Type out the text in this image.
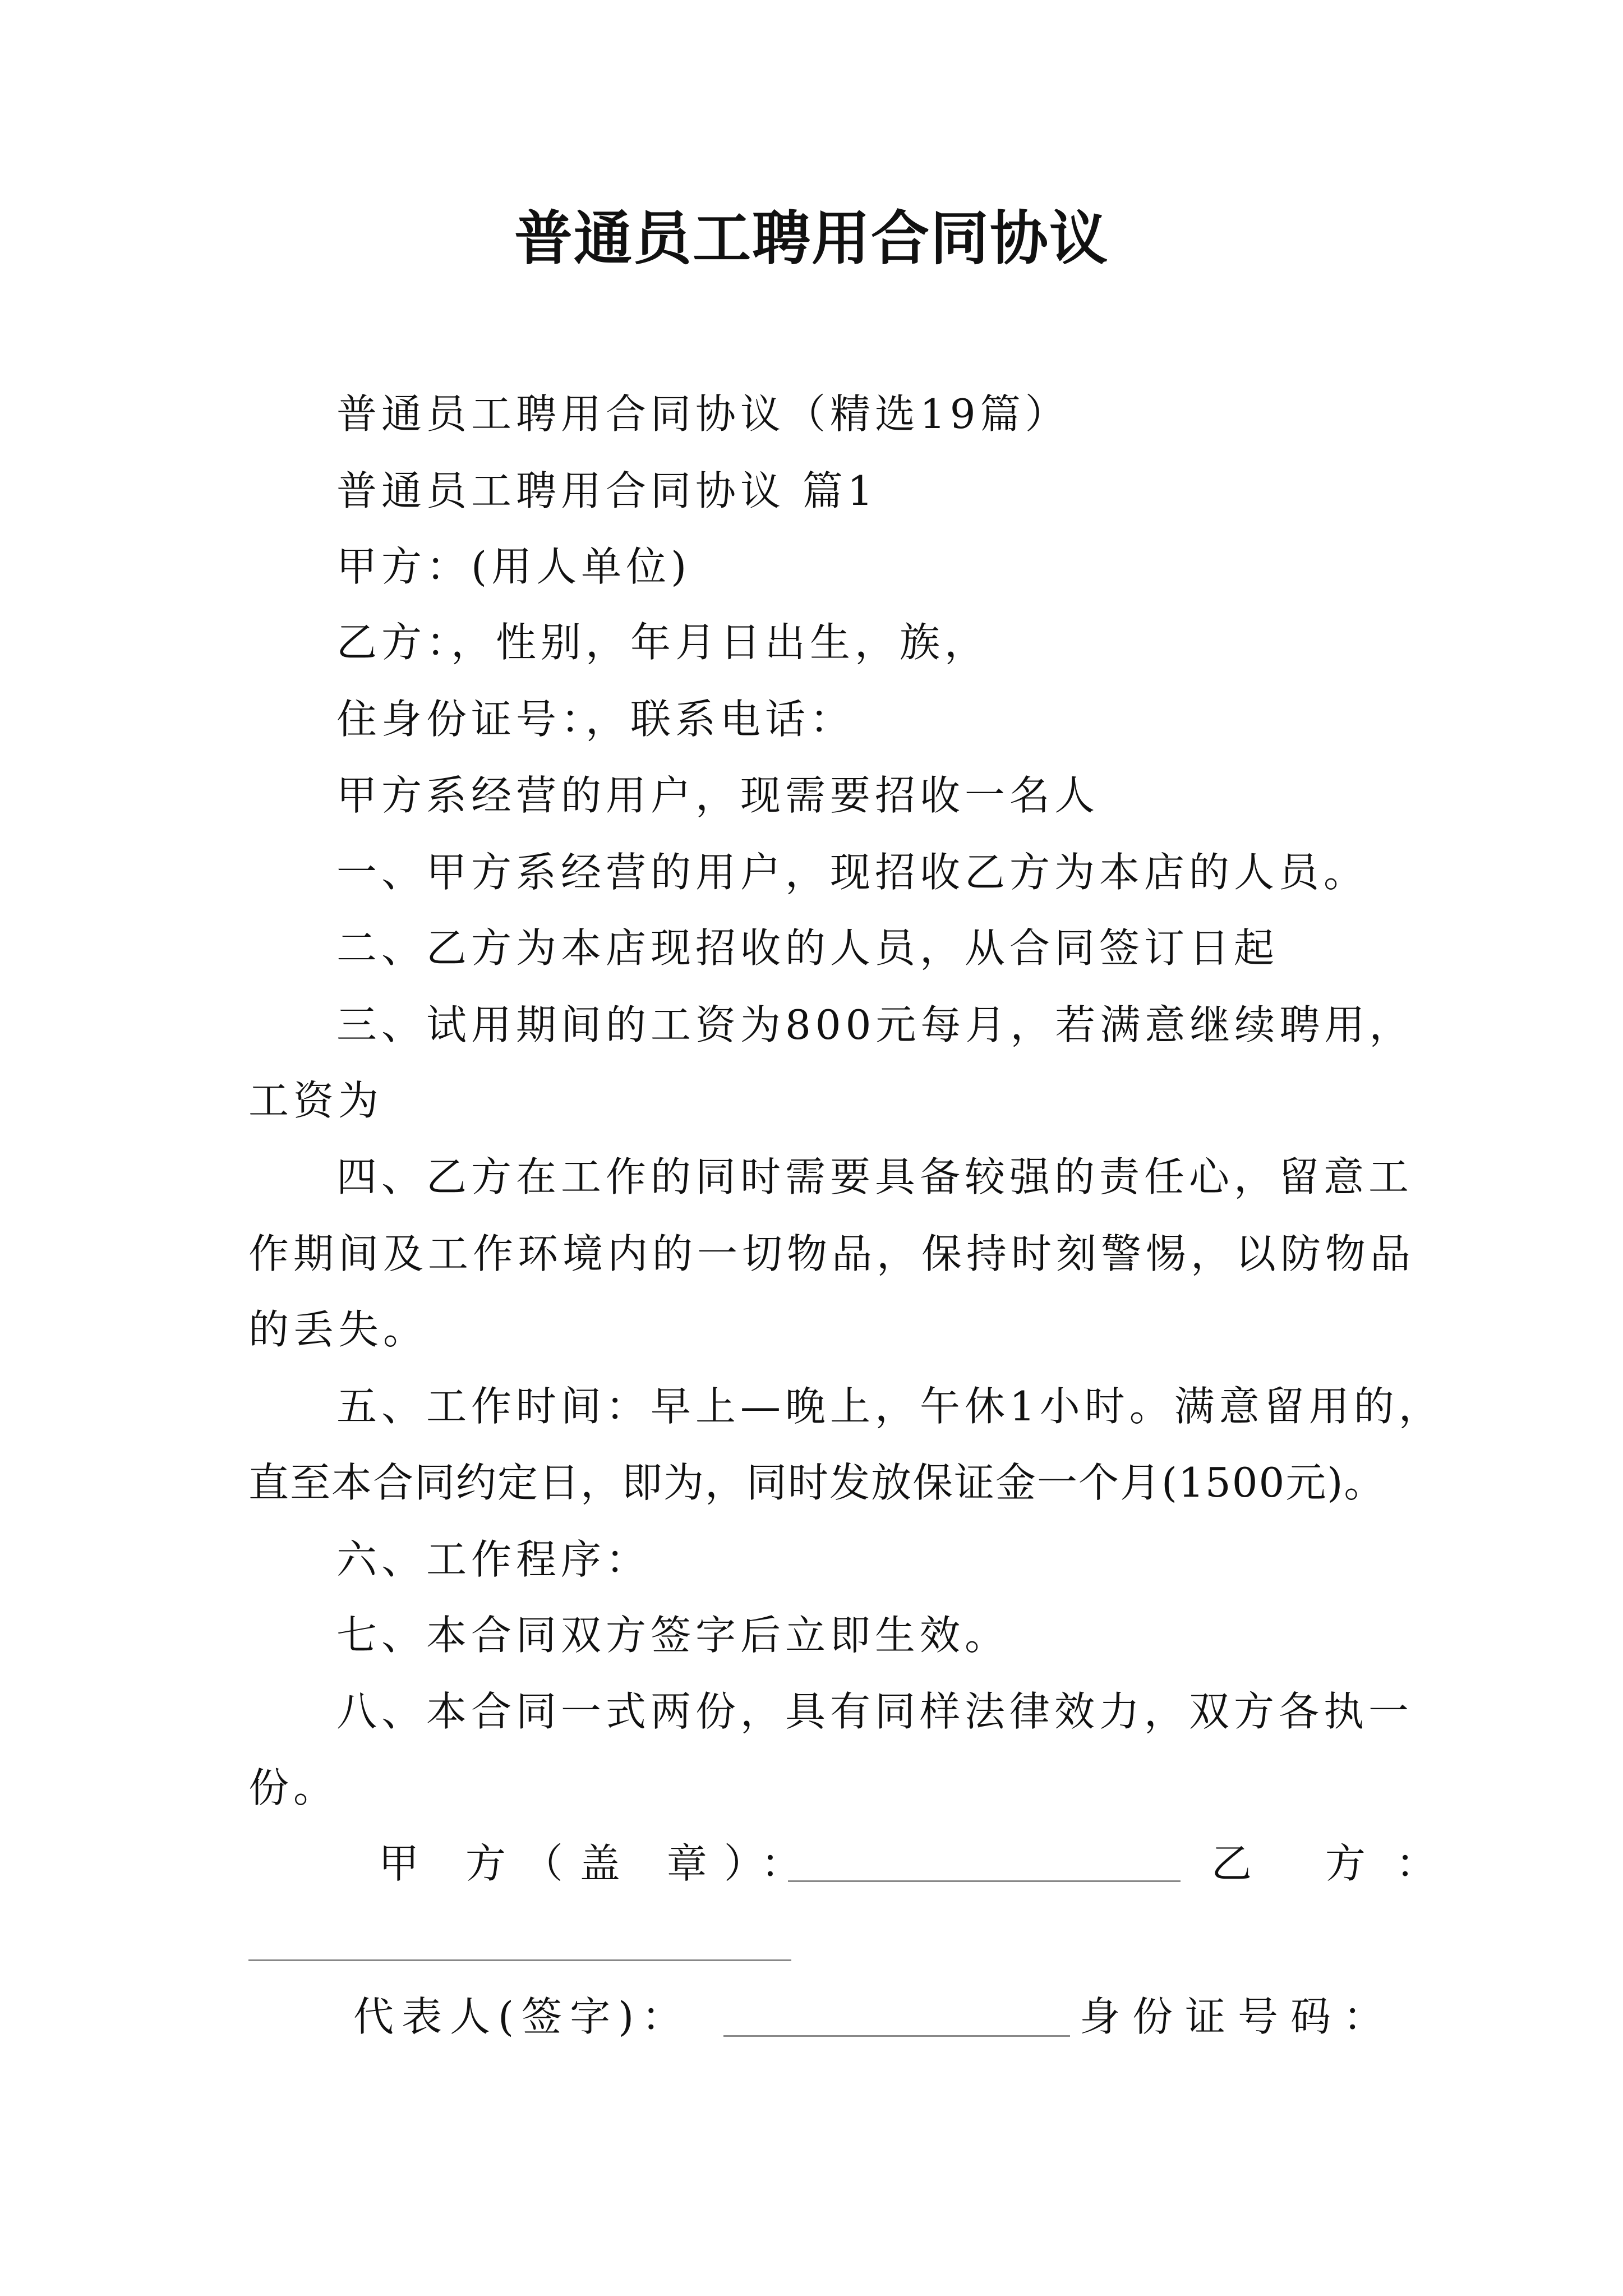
普通员工聘用合同协议
普通员工聘用合同协议（精选19篇）
普通员工聘用合同协议 篇1
甲方：(用人单位)
乙方：，性别，年月日出生，族，
住身份证号：，联系电话：
甲方系经营的用户，现需要招收一名人
一、甲方系经营的用户，现招收乙方为本店的人员。
二、乙方为本店现招收的人员，从合同签订日起
三、试用期间的工资为800元每月，若满意继续聘用，
工资为
四、乙方在工作的同时需要具备较强的责任心，留意工
作期间及工作环境内的一切物品，保持时刻警惕，以防物品
的丢失。
五、工作时间：早上—晚上，午休1小时。满意留用的，
直至本合同约定日，即为，同时发放保证金一个月(1500元)。
六、工作程序：
七、本合同双方签字后立即生效。
八、本合同一式两份，具有同样法律效力，双方各执一
份。
甲 方（盖 章）：	乙 方：
代表人(签字)：	身份证号码：
